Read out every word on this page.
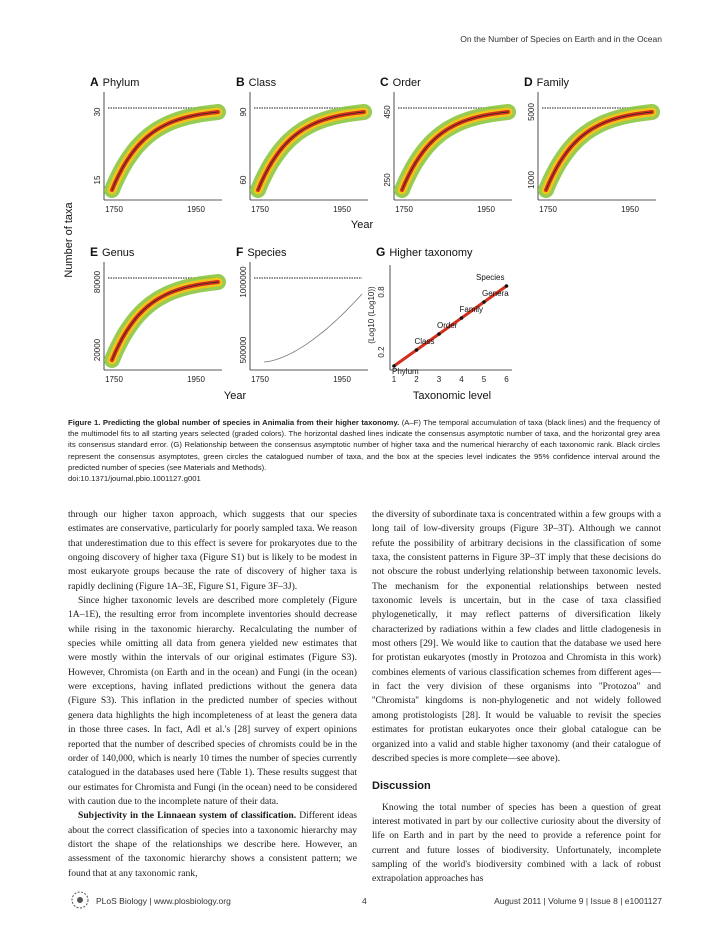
On the Number of Species on Earth and in the Ocean
Number of taxa
A Phylum
30
15
1750	1950
B Class
90
60
1750	1950
C Order
450
250
1750	1950
D Family
5000
1000
1750	1950
E Genus
80000
20000
1750	1950
F Species
1000000
500000
1750	1950
Year
Year
G Higher taxonomy
(Log10 (Log10)) 0.8
0.2
Phylum
1
Class
2
Order
3
Family
4
Genera
5
Species
6
Taxonomic level
Figure 1. Predicting the global number of species in Animalia from their higher taxonomy. (A–F) The temporal accumulation of taxa (black lines) and the frequency of the multimodel fits to all starting years selected (graded colors). The horizontal dashed lines indicate the consensus asymptotic number of taxa, and the horizontal grey area its consensus standard error. (G) Relationship between the consensus asymptotic number of higher taxa and the numerical hierarchy of each taxonomic rank. Black circles represent the consensus asymptotes, green circles the catalogued number of taxa, and the box at the species level indicates the 95% confidence interval around the predicted number of species (see Materials and Methods).
doi:10.1371/journal.pbio.1001127.g001

through our higher taxon approach, which suggests that our species estimates are conservative, particularly for poorly sampled taxa. We reason that underestimation due to this effect is severe for prokaryotes due to the ongoing discovery of higher taxa (Figure S1) but is likely to be modest in most eukaryote groups because the rate of discovery of higher taxa is rapidly declining (Figure 1A–3E, Figure S1, Figure 3F–3J).

Since higher taxonomic levels are described more completely (Figure 1A–1E), the resulting error from incomplete inventories should decrease while rising in the taxonomic hierarchy. Recalculating the number of species while omitting all data from genera yielded new estimates that were mostly within the intervals of our original estimates (Figure S3). However, Chromista (on Earth and in the ocean) and Fungi (in the ocean) were exceptions, having inflated predictions without the genera data (Figure S3). This inflation in the predicted number of species without genera data highlights the high incompleteness of at least the genera data in those three cases. In fact, Adl et al.'s [28] survey of expert opinions reported that the number of described species of chromists could be in the order of 140,000, which is nearly 10 times the number of species currently catalogued in the databases used here (Table 1). These results suggest that our estimates for Chromista and Fungi (in the ocean) need to be considered with caution due to the incomplete nature of their data.

Subjectivity in the Linnaean system of classification. Different ideas about the correct classification of species into a taxonomic hierarchy may distort the shape of the relationships we describe here. However, an assessment of the taxonomic hierarchy shows a consistent pattern; we found that at any taxonomic rank,

the diversity of subordinate taxa is concentrated within a few groups with a long tail of low-diversity groups (Figure 3P–3T). Although we cannot refute the possibility of arbitrary decisions in the classification of some taxa, the consistent patterns in Figure 3P–3T imply that these decisions do not obscure the robust underlying relationship between taxonomic levels. The mechanism for the exponential relationships between nested taxonomic levels is uncertain, but in the case of taxa classified phylogenetically, it may reflect patterns of diversification likely characterized by radiations within a few clades and little cladogenesis in most others [29]. We would like to caution that the database we used here for protistan eukaryotes (mostly in Protozoa and Chromista in this work) combines elements of various classification schemes from different ages—in fact the very division of these organisms into ''Protozoa'' and ''Chromista'' kingdoms is non-phylogenetic and not widely followed among protistologists [28]. It would be valuable to revisit the species estimates for protistan eukaryotes once their global catalogue can be organized into a valid and stable higher taxonomy (and their catalogue of described species is more complete—see above).

Discussion

Knowing the total number of species has been a question of great interest motivated in part by our collective curiosity about the diversity of life on Earth and in part by the need to provide a reference point for current and future losses of biodiversity. Unfortunately, incomplete sampling of the world's biodiversity combined with a lack of robust extrapolation approaches has

PLoS Biology | www.plosbiology.org	4	August 2011 | Volume 9 | Issue 8 | e1001127
